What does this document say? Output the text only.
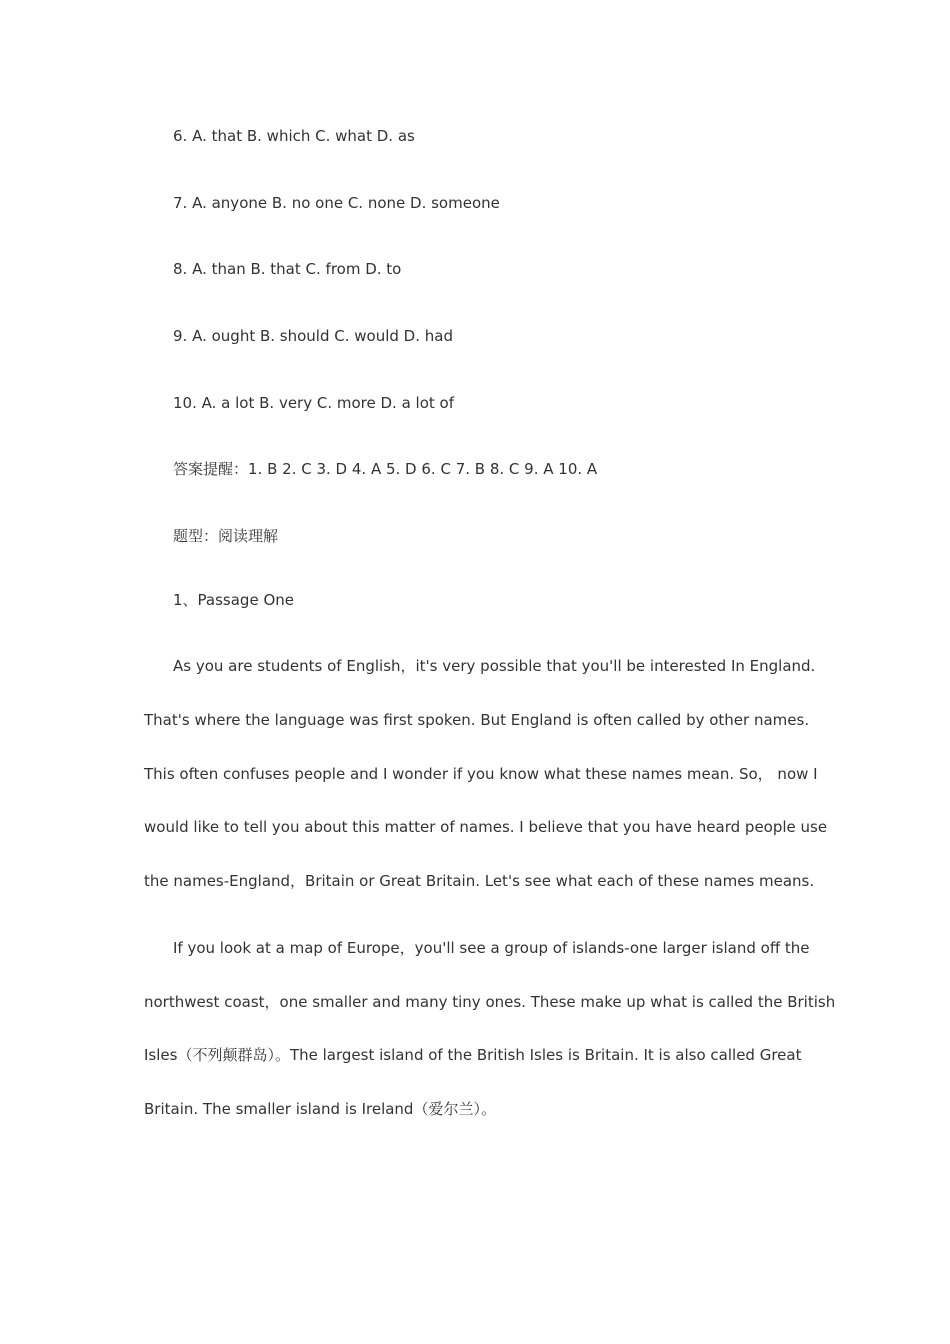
6. A. that B. which C. what D. as
7. A. anyone B. no one C. none D. someone
8. A. than B. that C. from D. to
9. A. ought B. should C. would D. had
10. A. a lot B. very C. more D. a lot of
答案提醒：1. B 2. C 3. D 4. A 5. D 6. C 7. B 8. C 9. A 10. A
题型：阅读理解
1、Passage One
As you are students of English，it's very possible that you'll be interested In England.
That's where the language was first spoken. But England is often called by other names.
This often confuses people and I wonder if you know what these names mean. So， now I
would like to tell you about this matter of names. I believe that you have heard people use
the names-England，Britain or Great Britain. Let's see what each of these names means.
If you look at a map of Europe，you'll see a group of islands-one larger island off the
northwest coast，one smaller and many tiny ones. These make up what is called the British
Isles（不列颠群岛）。The largest island of the British Isles is Britain. It is also called Great
Britain. The smaller island is Ireland（爱尔兰）。
